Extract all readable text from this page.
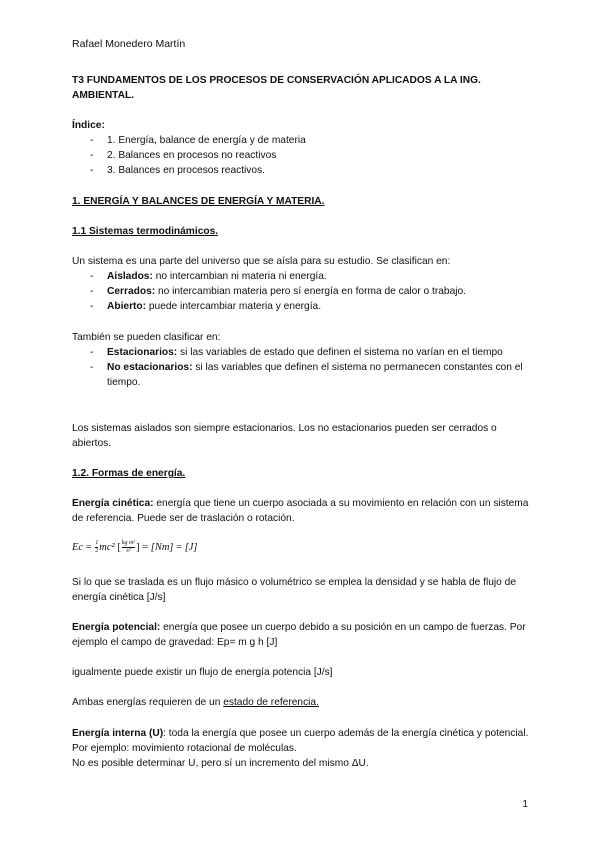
Rafael Monedero Martín

T3 FUNDAMENTOS DE LOS PROCESOS DE CONSERVACIÓN APLICADOS A LA ING. AMBIENTAL.

Índice:

- 1. Energía, balance de energía y de materia
- 2. Balances en procesos no reactivos
- 3. Balances en procesos reactivos.

1. ENERGÍA Y BALANCES DE ENERGÍA Y MATERIA.

1.1 Sistemas termodinámicos.

Un sistema es una parte del universo que se aísla para su estudio. Se clasifican en:

- Aislados: no intercambian ni materia ni energía.
- Cerrados: no intercambian materia pero sí energía en forma de calor o trabajo.
- Abierto: puede intercambiar materia y energía.

También se pueden clasificar en:

- Estacionarios: si las variables de estado que definen el sistema no varían en el tiempo
- No estacionarios: si las variables que definen el sistema no permanecen constantes con el tiempo.

Los sistemas aislados son siempre estacionarios. Los no estacionarios pueden ser cerrados o abiertos.

1.2. Formas de energía.

Energía cinética: energía que tiene un cuerpo asociada a su movimiento en relación con un sistema de referencia. Puede ser de traslación o rotación.

$Ec = \frac{1}{2} mc^2$ [ $\frac{\text{kg m²}}{\text{s²}}$ ] = [Nm] = [J]

Si lo que se traslada es un flujo másico o volumétrico se emplea la densidad y se habla de flujo de energía cinética [J/s]

Energía potencial: energía que posee un cuerpo debido a su posición en un campo de fuerzas. Por ejemplo el campo de gravedad: Ep= m g h [J]

igualmente puede existir un flujo de energía potencia [J/s]

Ambas energías requieren de un estado de referencia.

Energía interna (U): toda la energía que posee un cuerpo además de la energía cinética y potencial. Por ejemplo: movimiento rotacional de moléculas.

No es posible determinar U, pero sí un incremento del mismo ΔU.

1
